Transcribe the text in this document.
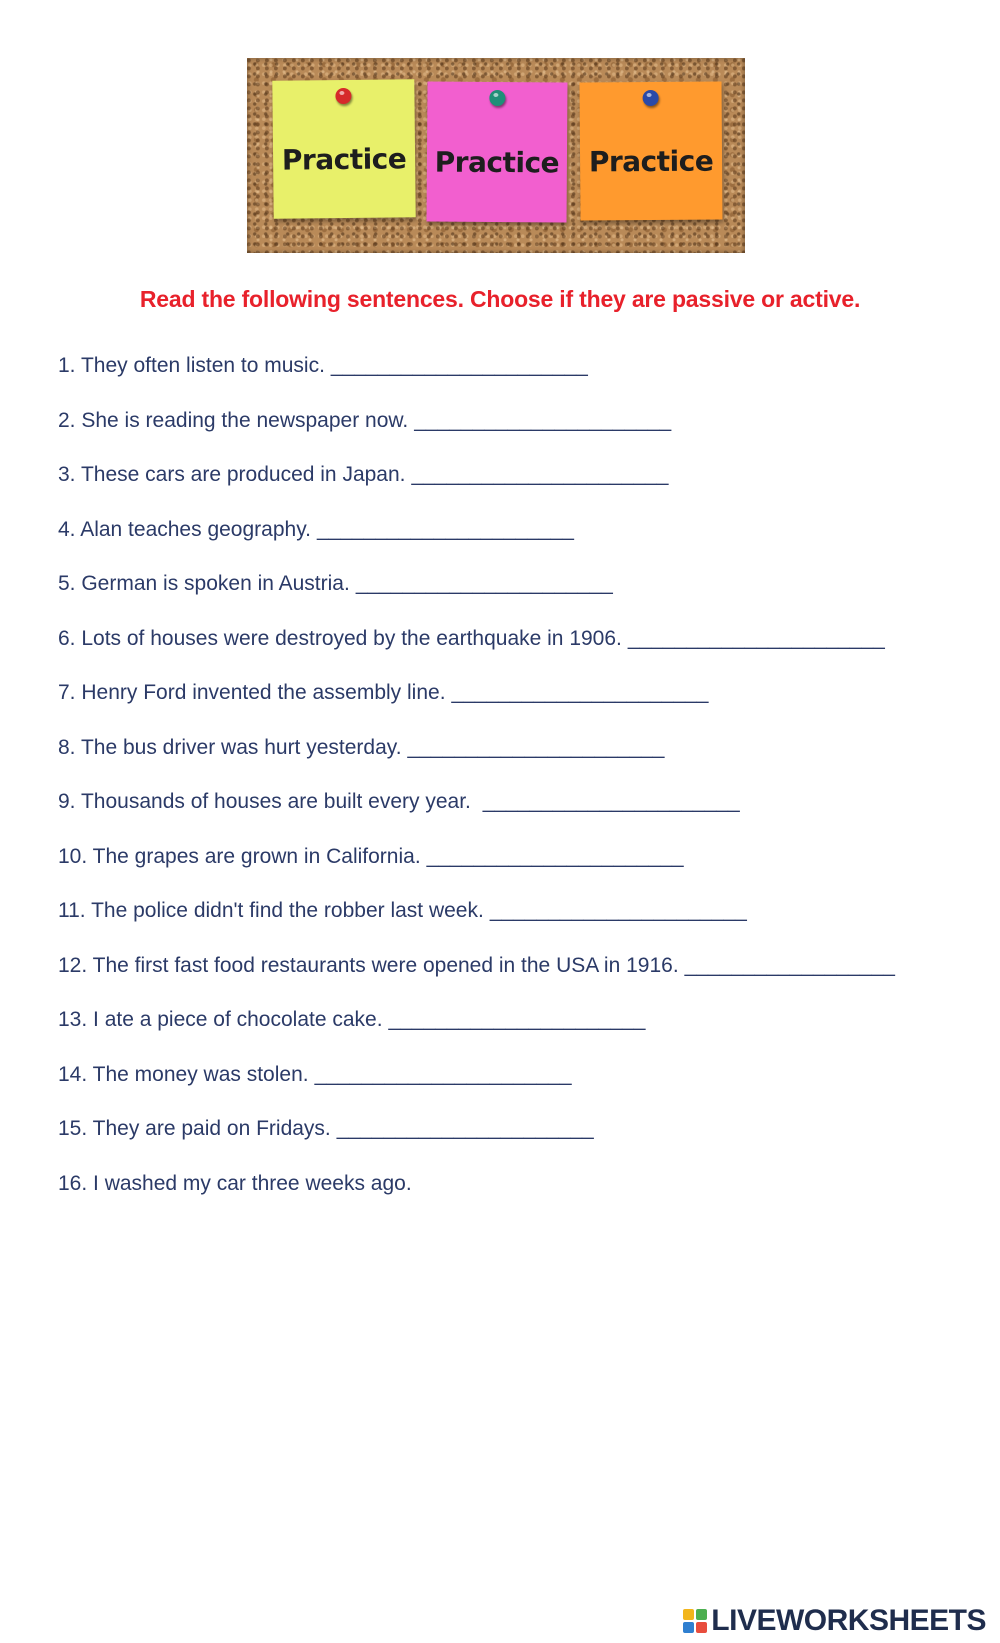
Practice Practice Practice
Read the following sentences. Choose if they are passive or active.
1. They often listen to music. ______________________
2. She is reading the newspaper now. ______________________
3. These cars are produced in Japan. ______________________
4. Alan teaches geography. ______________________
5. German is spoken in Austria. ______________________
6. Lots of houses were destroyed by the earthquake in 1906. ______________________
7. Henry Ford invented the assembly line. ______________________
8. The bus driver was hurt yesterday. ______________________
9. Thousands of houses are built every year. ______________________
10. The grapes are grown in California. ______________________
11. The police didn't find the robber last week. ______________________
12. The first fast food restaurants were opened in the USA in 1916. __________________
13. I ate a piece of chocolate cake. ______________________
14. The money was stolen. ______________________
15. They are paid on Fridays. ______________________
16. I washed my car three weeks ago.
LIVEWORKSHEETS
